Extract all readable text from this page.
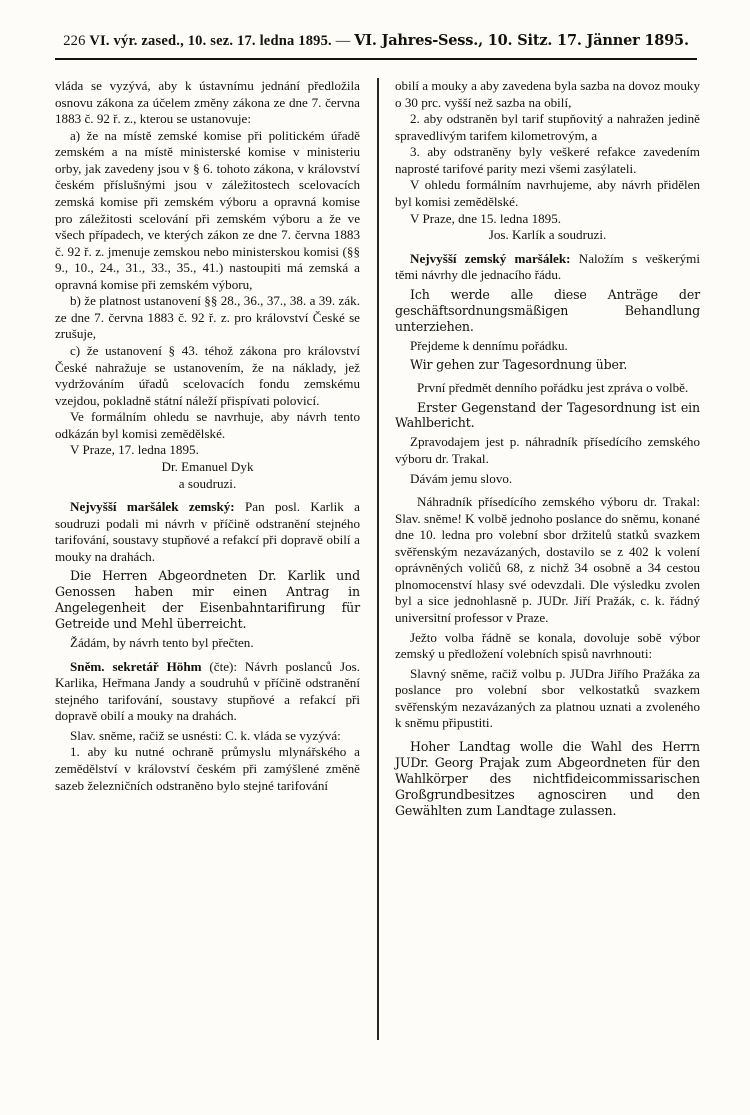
226 VI. výr. zased., 10. sez. 17. ledna 1895. — VI. Jahres-Sess., 10. Sitz. 17. Jänner 1895.

vláda se vyzývá, aby k ústavnímu jednání předložila osnovu zákona za účelem změny zákona ze dne 7. června 1883 č. 92 ř. z., kterou se ustanovuje:

a) že na místě zemské komise při politickém úřadě zemském a na místě ministerské komise v ministeriu orby, jak zavedeny jsou v § 6. tohoto zákona, v království českém příslušnými jsou v záležitostech scelovacích zemská komise při zemském výboru a opravná komise pro záležitosti scelování při zemském výboru a že ve všech případech, ve kterých zákon ze dne 7. června 1883 č. 92 ř. z. jmenuje zemskou nebo ministerskou komisi (§§ 9., 10., 24., 31., 33., 35., 41.) nastoupiti má zemská a opravná komise při zemském výboru,

b) že platnost ustanovení §§ 28., 36., 37., 38. a 39. zák. ze dne 7. června 1883 č. 92 ř. z. pro království České se zrušuje,

c) že ustanovení § 43. téhož zákona pro království České nahražuje se ustanovením, že na náklady, jež vydržováním úřadů scelovacích fondu zemskému vzejdou, pokladně státní náleží přispívati polovicí.

Ve formálním ohledu se navrhuje, aby návrh tento odkázán byl komisi zemědělské.

V Praze, 17. ledna 1895.

Dr. Emanuel Dyk

a soudruzi.

Nejvyšší maršálek zemský: Pan posl. Karlik a soudruzi podali mi návrh v příčině odstranění stejného tarifování, soustavy stupňové a refakcí při dopravě obilí a mouky na drahách.

Die Herren Abgeordneten Dr. Karlik und Genossen haben mir einen Antrag in Angelegenheit der Eisenbahntarifirung für Getreide und Mehl überreicht.

Žádám, by návrh tento byl přečten.

Sněm. sekretář Höhm (čte): Návrh poslanců Jos. Karlika, Heřmana Jandy a soudruhů v příčině odstranění stejného tarifování, soustavy stupňové a refakcí při dopravě obilí a mouky na drahách.

Slav. sněme, račiž se usnésti: C. k. vláda se vyzývá:

1. aby ku nutné ochraně průmyslu mlynářského a zemědělství v království českém při zamýšlené změně sazeb železničních odstraněno bylo stejné tarifování

obilí a mouky a aby zavedena byla sazba na dovoz mouky o 30 prc. vyšší než sazba na obilí,

2. aby odstraněn byl tarif stupňovitý a nahražen jedině spravedlivým tarifem kilometrovým, a

3. aby odstraněny byly veškeré refakce zavedením naprosté tarifové parity mezi všemi zasýlateli.

V ohledu formálním navrhujeme, aby návrh přidělen byl komisi zemědělské.

V Praze, dne 15. ledna 1895.

Jos. Karlík a soudruzi.

Nejvyšší zemský maršálek: Naložím s veškerými těmi návrhy dle jednacího řádu.

Ich werde alle diese Anträge der geschäftsordnungsmäßigen Behandlung unterziehen.

Přejdeme k dennímu pořádku.

Wir gehen zur Tagesordnung über.

První předmět denního pořádku jest zpráva o volbě.

Erster Gegenstand der Tagesordnung ist ein Wahlbericht.

Zpravodajem jest p. náhradník přísedícího zemského výboru dr. Trakal.

Dávám jemu slovo.

Náhradník přísedícího zemského výboru dr. Trakal: Slav. sněme! K volbě jednoho poslance do sněmu, konané dne 10. ledna pro volební sbor držitelů statků svazkem svěřenským nezavázaných, dostavilo se z 402 k volení oprávněných voličů 68, z nichž 34 osobně a 34 cestou plnomocenství hlasy své odevzdali. Dle výsledku zvolen byl a sice jednohlasně p. JUDr. Jiří Pražák, c. k. řádný universitní professor v Praze.

Ježto volba řádně se konala, dovoluje sobě výbor zemský u předložení volebních spisů navrhnouti:

Slavný sněme, račiž volbu p. JUDra Jiřího Pražáka za poslance pro volební sbor velkostatků svazkem svěřenským nezavázaných za platnou uznati a zvoleného k sněmu připustiti.

Hoher Landtag wolle die Wahl des Herrn JUDr. Georg Prajak zum Abgeordneten für den Wahlkörper des nichtfideicommissarischen Großgrundbesitzes agnosciren und den Gewählten zum Landtage zulassen.
